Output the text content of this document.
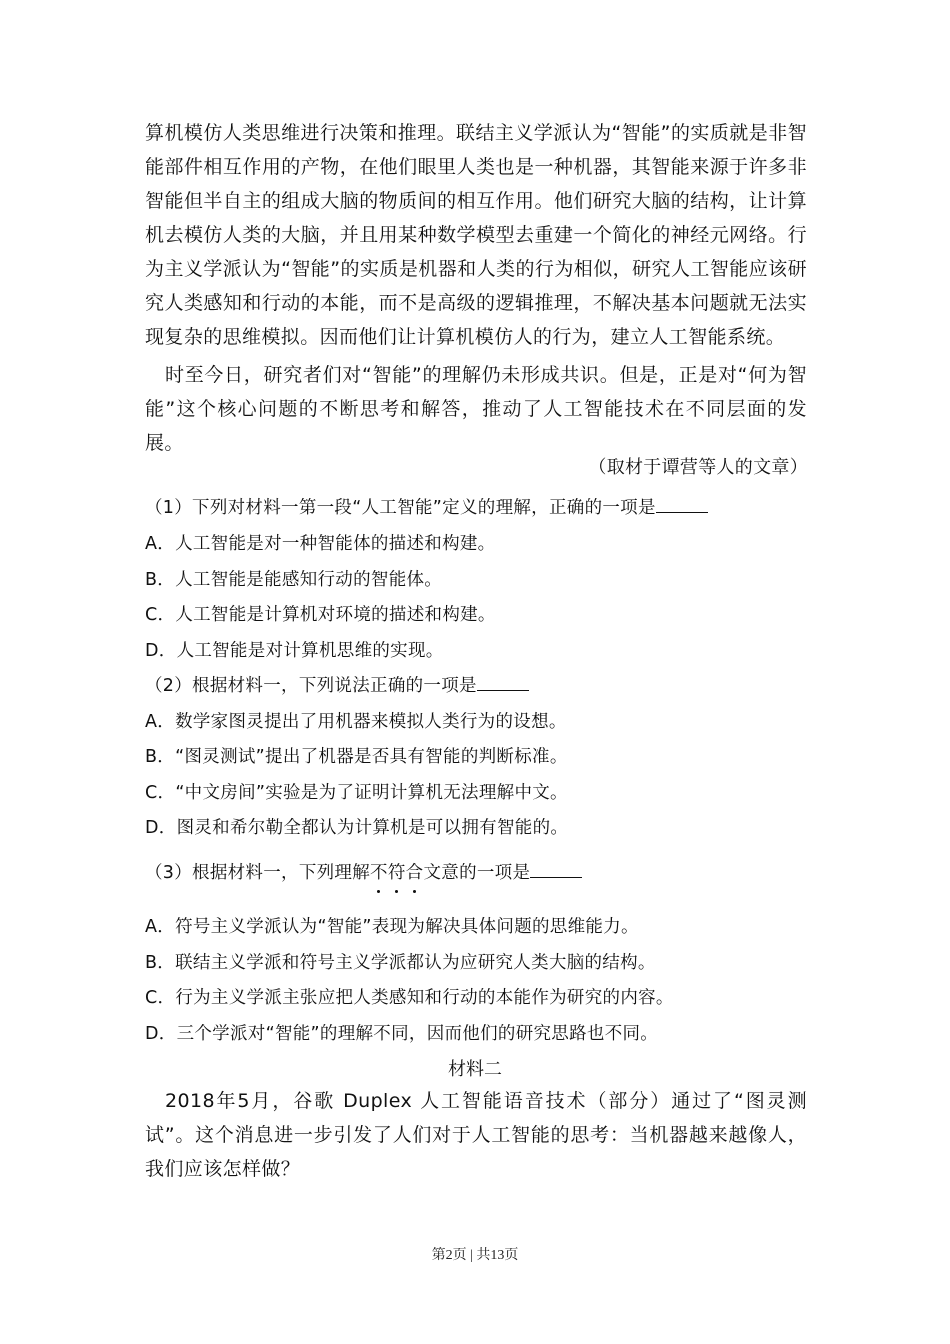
算机模仿人类思维进行决策和推理。联结主义学派认为“智能”的实质就是非智能部件相互作用的产物，在他们眼里人类也是一种机器，其智能来源于许多非智能但半自主的组成大脑的物质间的相互作用。他们研究大脑的结构，让计算机去模仿人类的大脑，并且用某种数学模型去重建一个简化的神经元网络。行为主义学派认为“智能”的实质是机器和人类的行为相似，研究人工智能应该研究人类感知和行动的本能，而不是高级的逻辑推理，不解决基本问题就无法实现复杂的思维模拟。因而他们让计算机模仿人的行为，建立人工智能系统。

时至今日，研究者们对“智能”的理解仍未形成共识。但是，正是对“何为智能”这个核心问题的不断思考和解答，推动了人工智能技术在不同层面的发展。

（取材于谭营等人的文章）
（1）下列对材料一第一段“人工智能”定义的理解，正确的一项是
A．人工智能是对一种智能体的描述和构建。
B．人工智能是能感知行动的智能体。
C．人工智能是计算机对环境的描述和构建。
D．人工智能是对计算机思维的实现。
（2）根据材料一，下列说法正确的一项是
A．数学家图灵提出了用机器来模拟人类行为的设想。
B．“图灵测试”提出了机器是否具有智能的判断标准。
C．“中文房间”实验是为了证明计算机无法理解中文。
D．图灵和希尔勒全都认为计算机是可以拥有智能的。
（3）根据材料一，下列理解不符合文意的一项是
A．符号主义学派认为“智能”表现为解决具体问题的思维能力。
B．联结主义学派和符号主义学派都认为应研究人类大脑的结构。
C．行为主义学派主张应把人类感知和行动的本能作为研究的内容。
D．三个学派对“智能”的理解不同，因而他们的研究思路也不同。
材料二

2018年5月，谷歌 Duplex 人工智能语音技术（部分）通过了“图灵测试”。这个消息进一步引发了人们对于人工智能的思考：当机器越来越像人，我们应该怎样做？

第2页 | 共13页
